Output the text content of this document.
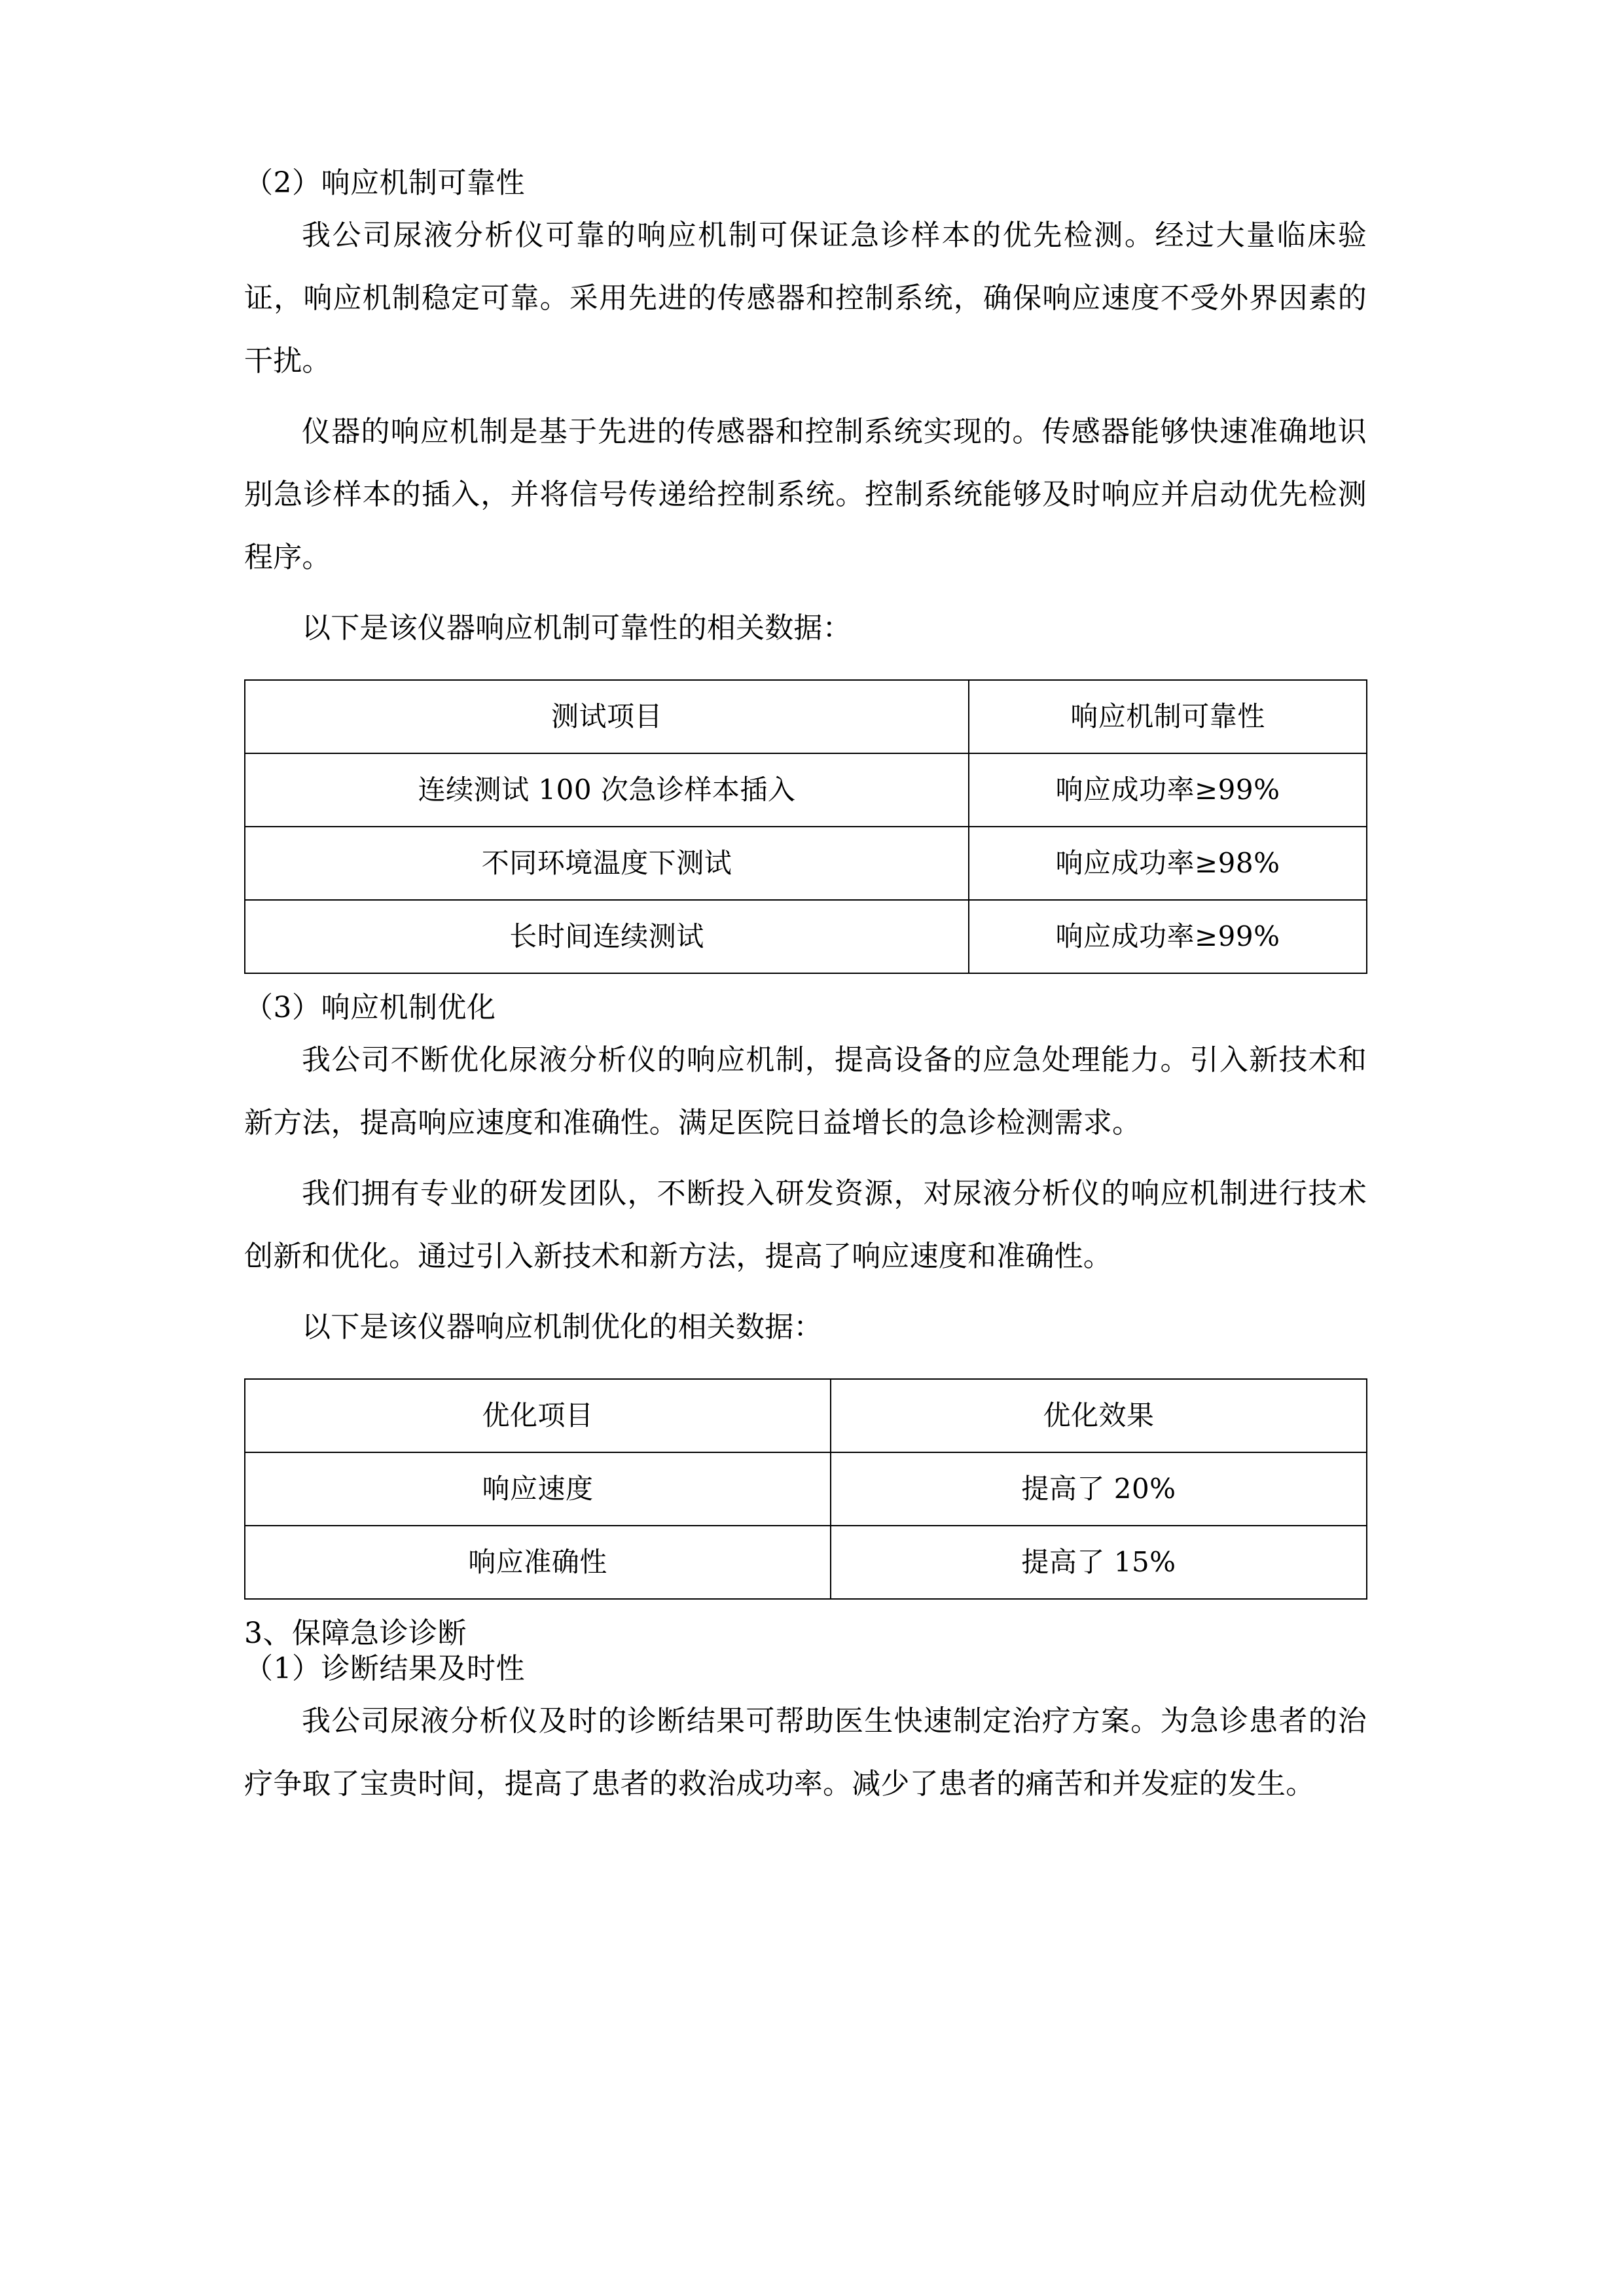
（2）响应机制可靠性

我公司尿液分析仪可靠的响应机制可保证急诊样本的优先检测。经过大量临床验证，响应机制稳定可靠。采用先进的传感器和控制系统，确保响应速度不受外界因素的干扰。

仪器的响应机制是基于先进的传感器和控制系统实现的。传感器能够快速准确地识别急诊样本的插入，并将信号传递给控制系统。控制系统能够及时响应并启动优先检测程序。

以下是该仪器响应机制可靠性的相关数据：

测试项目	响应机制可靠性
连续测试 100 次急诊样本插入	响应成功率≥99%
不同环境温度下测试	响应成功率≥98%
长时间连续测试	响应成功率≥99%

（3）响应机制优化

我公司不断优化尿液分析仪的响应机制，提高设备的应急处理能力。引入新技术和新方法，提高响应速度和准确性。满足医院日益增长的急诊检测需求。

我们拥有专业的研发团队，不断投入研发资源，对尿液分析仪的响应机制进行技术创新和优化。通过引入新技术和新方法，提高了响应速度和准确性。

以下是该仪器响应机制优化的相关数据：

优化项目	优化效果
响应速度	提高了 20%
响应准确性	提高了 15%

3、保障急诊诊断

（1）诊断结果及时性

我公司尿液分析仪及时的诊断结果可帮助医生快速制定治疗方案。为急诊患者的治疗争取了宝贵时间，提高了患者的救治成功率。减少了患者的痛苦和并发症的发生。
